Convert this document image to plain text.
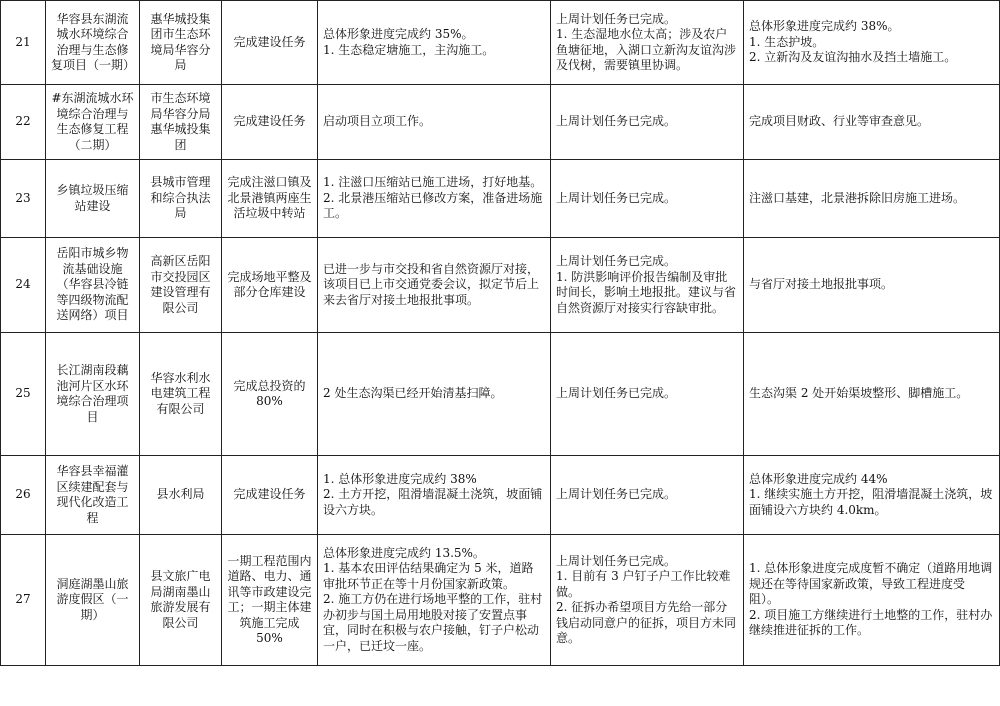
21	华容县东湖流城水环境综合治理与生态修复项目（一期）	惠华城投集团市生态环境局华容分局	完成建设任务	总体形象进度完成约 35%。
1. 生态稳定塘施工，主沟施工。	上周计划任务已完成。
1. 生态湿地水位太高；涉及农户鱼塘征地，入湖口立新沟友谊沟涉及伐树，需要镇里协调。	总体形象进度完成约 38%。
1. 生态护坡。
2. 立新沟及友谊沟抽水及挡土墙施工。

22	#东湖流城水环境综合治理与生态修复工程（二期）	市生态环境局华容分局惠华城投集团	完成建设任务	启动项目立项工作。	上周计划任务已完成。	完成项目财政、行业等审查意见。

23	乡镇垃圾压缩站建设	县城市管理和综合执法局	完成注滋口镇及北景港镇两座生活垃圾中转站	1. 注滋口压缩站已施工进场，打好地基。
2. 北景港压缩站已修改方案，准备进场施工。	上周计划任务已完成。	注滋口基建，北景港拆除旧房施工进场。

24	岳阳市城乡物流基础设施（华容县冷链等四级物流配送网络）项目	高新区岳阳市交投园区建设管理有限公司	完成场地平整及部分仓库建设	已进一步与市交投和省自然资源厅对接，该项目已上市交通党委会议，拟定节后上来去省厅对接土地报批事项。	上周计划任务已完成。
1. 防洪影响评价报告编制及审批时间长，影响土地报批。建议与省自然资源厅对接实行容缺审批。	与省厅对接土地报批事项。

25	长江湖南段藕池河片区水环境综合治理项目	华容水利水电建筑工程有限公司	完成总投资的 80%	2 处生态沟渠已经开始清基扫障。	上周计划任务已完成。	生态沟渠 2 处开始渠坡整形、脚槽施工。

26	华容县幸福灌区续建配套与现代化改造工程	县水利局	完成建设任务	1. 总体形象进度完成约 38%
2. 土方开挖，阻滑墙混凝土浇筑，坡面铺设六方块。	上周计划任务已完成。	总体形象进度完成约 44%
1. 继续实施土方开挖，阻滑墙混凝土浇筑，坡面铺设六方块约 4.0km。

27	洞庭湖墨山旅游度假区（一期）	县文旅广电局湖南墨山旅游发展有限公司	一期工程范围内道路、电力、通讯等市政建设完工；一期主体建筑施工完成 50%	总体形象进度完成约 13.5%。
1. 基本农田评估结果确定为 5 米，道路审批环节正在等十月份国家新政策。
2. 施工方仍在进行场地平整的工作，驻村办初步与国土局用地股对接了安置点事宜，同时在积极与农户接触，钉子户松动一户，已迁坟一座。	上周计划任务已完成。
1. 目前有 3 户钉子户工作比较难做。
2. 征拆办希望项目方先给一部分钱启动同意户的征拆，项目方未同意。	1. 总体形象进度完成度暂不确定（道路用地调规还在等待国家新政策，导致工程进度受阻）。
2. 项目施工方继续进行土地整的工作，驻村办继续推进征拆的工作。
